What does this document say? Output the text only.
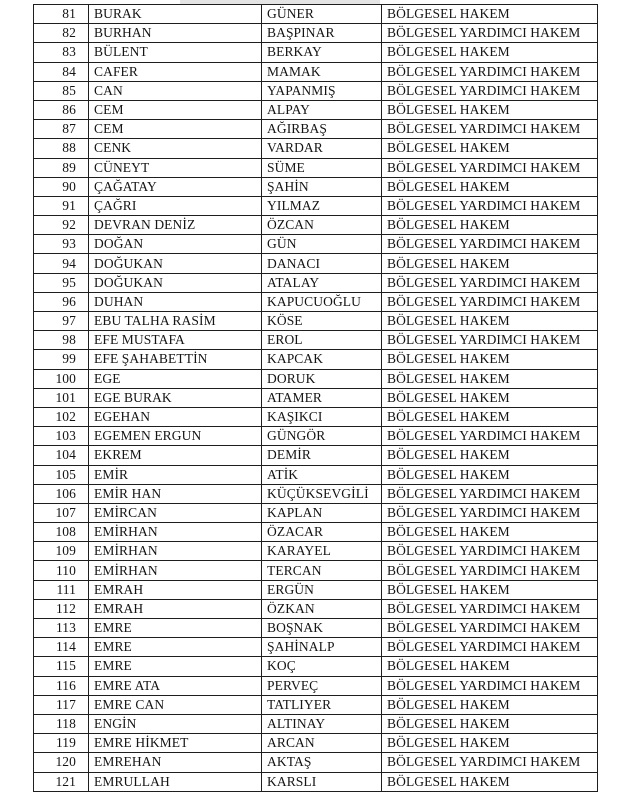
81	BURAK	GÜNER	BÖLGESEL HAKEM
82	BURHAN	BAŞPINAR	BÖLGESEL YARDIMCI HAKEM
83	BÜLENT	BERKAY	BÖLGESEL HAKEM
84	CAFER	MAMAK	BÖLGESEL YARDIMCI HAKEM
85	CAN	YAPANMIŞ	BÖLGESEL YARDIMCI HAKEM
86	CEM	ALPAY	BÖLGESEL HAKEM
87	CEM	AĞIRBAŞ	BÖLGESEL YARDIMCI HAKEM
88	CENK	VARDAR	BÖLGESEL HAKEM
89	CÜNEYT	SÜME	BÖLGESEL YARDIMCI HAKEM
90	ÇAĞATAY	ŞAHİN	BÖLGESEL HAKEM
91	ÇAĞRI	YILMAZ	BÖLGESEL YARDIMCI HAKEM
92	DEVRAN DENİZ	ÖZCAN	BÖLGESEL HAKEM
93	DOĞAN	GÜN	BÖLGESEL YARDIMCI HAKEM
94	DOĞUKAN	DANACI	BÖLGESEL HAKEM
95	DOĞUKAN	ATALAY	BÖLGESEL YARDIMCI HAKEM
96	DUHAN	KAPUCUOĞLU	BÖLGESEL YARDIMCI HAKEM
97	EBU TALHA RASİM	KÖSE	BÖLGESEL HAKEM
98	EFE MUSTAFA	EROL	BÖLGESEL YARDIMCI HAKEM
99	EFE ŞAHABETTİN	KAPCAK	BÖLGESEL HAKEM
100	EGE	DORUK	BÖLGESEL HAKEM
101	EGE BURAK	ATAMER	BÖLGESEL HAKEM
102	EGEHAN	KAŞIKCI	BÖLGESEL HAKEM
103	EGEMEN ERGUN	GÜNGÖR	BÖLGESEL YARDIMCI HAKEM
104	EKREM	DEMİR	BÖLGESEL HAKEM
105	EMİR	ATİK	BÖLGESEL HAKEM
106	EMİR HAN	KÜÇÜKSEVGİLİ	BÖLGESEL YARDIMCI HAKEM
107	EMİRCAN	KAPLAN	BÖLGESEL YARDIMCI HAKEM
108	EMİRHAN	ÖZACAR	BÖLGESEL HAKEM
109	EMİRHAN	KARAYEL	BÖLGESEL YARDIMCI HAKEM
110	EMİRHAN	TERCAN	BÖLGESEL YARDIMCI HAKEM
111	EMRAH	ERGÜN	BÖLGESEL HAKEM
112	EMRAH	ÖZKAN	BÖLGESEL YARDIMCI HAKEM
113	EMRE	BOŞNAK	BÖLGESEL YARDIMCI HAKEM
114	EMRE	ŞAHİNALP	BÖLGESEL YARDIMCI HAKEM
115	EMRE	KOÇ	BÖLGESEL HAKEM
116	EMRE ATA	PERVEÇ	BÖLGESEL YARDIMCI HAKEM
117	EMRE CAN	TATLIYER	BÖLGESEL HAKEM
118	ENGİN	ALTINAY	BÖLGESEL HAKEM
119	EMRE HİKMET	ARCAN	BÖLGESEL HAKEM
120	EMREHAN	AKTAŞ	BÖLGESEL YARDIMCI HAKEM
121	EMRULLAH	KARSLI	BÖLGESEL HAKEM
